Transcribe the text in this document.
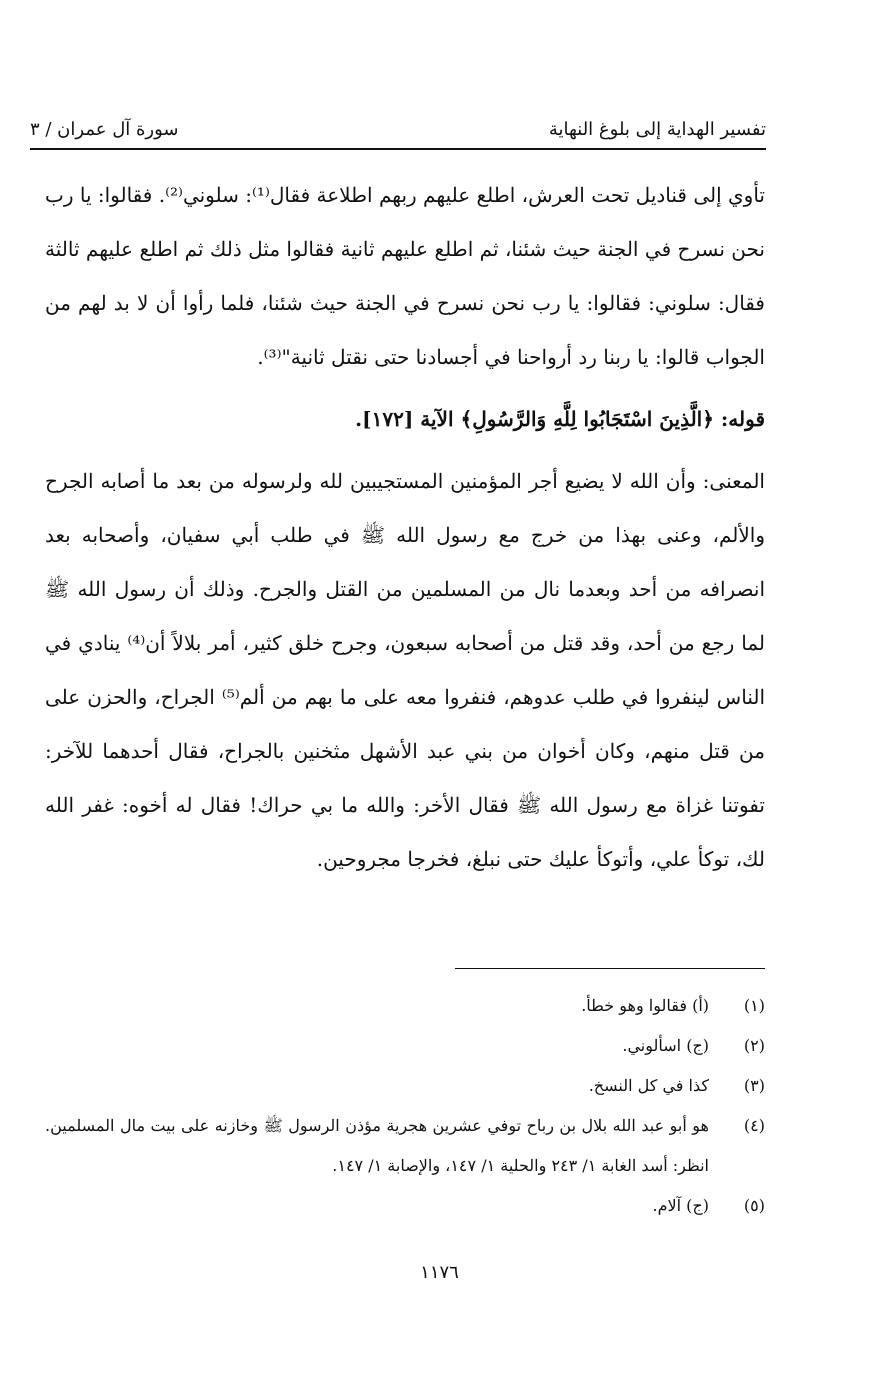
تفسير الهداية إلى بلوغ النهاية
سورة آل عمران / ٣

تأوي إلى قناديل تحت العرش، اطلع عليهم ربهم اطلاعة فقال⁽¹⁾: سلوني⁽²⁾. فقالوا: يا رب نحن نسرح في الجنة حيث شئنا، ثم اطلع عليهم ثانية فقالوا مثل ذلك ثم اطلع عليهم ثالثة فقال: سلوني: فقالوا: يا رب نحن نسرح في الجنة حيث شئنا، فلما رأوا أن لا بد لهم من الجواب قالوا: يا ربنا رد أرواحنا في أجسادنا حتى نقتل ثانية"⁽³⁾.

قوله: ﴿الَّذِينَ اسْتَجَابُوا لِلَّهِ وَالرَّسُولِ﴾ الآية [١٧٢].

المعنى: وأن الله لا يضيع أجر المؤمنين المستجيبين لله ولرسوله من بعد ما أصابه الجرح والألم، وعنى بهذا من خرج مع رسول الله ﷺ في طلب أبي سفيان، وأصحابه بعد انصرافه من أحد وبعدما نال من المسلمين من القتل والجرح. وذلك أن رسول الله ﷺ لما رجع من أحد، وقد قتل من أصحابه سبعون، وجرح خلق كثير، أمر بلالاً أن⁽⁴⁾ ينادي في الناس لينفروا في طلب عدوهم، فنفروا معه على ما بهم من ألم⁽⁵⁾ الجراح، والحزن على من قتل منهم، وكان أخوان من بني عبد الأشهل مثخنين بالجراح، فقال أحدهما للآخر: تفوتنا غزاة مع رسول الله ﷺ فقال الأخر: والله ما بي حراك! فقال له أخوه: غفر الله لك، توكأ علي، وأتوكأ عليك حتى نبلغ، فخرجا مجروحين.

(١)
(أ) فقالوا وهو خطأ.
(٢)
(ج) اسألوني.
(٣)
كذا في كل النسخ.
(٤)
هو أبو عبد الله بلال بن رباح توفي عشرين هجرية مؤذن الرسول ﷺ وخازنه على بيت مال المسلمين. انظر: أسد الغابة ١/ ٢٤٣ والحلية ١/ ١٤٧، والإصابة ١/ ١٤٧.
(٥)
(ج) آلام.
١١٧٦
